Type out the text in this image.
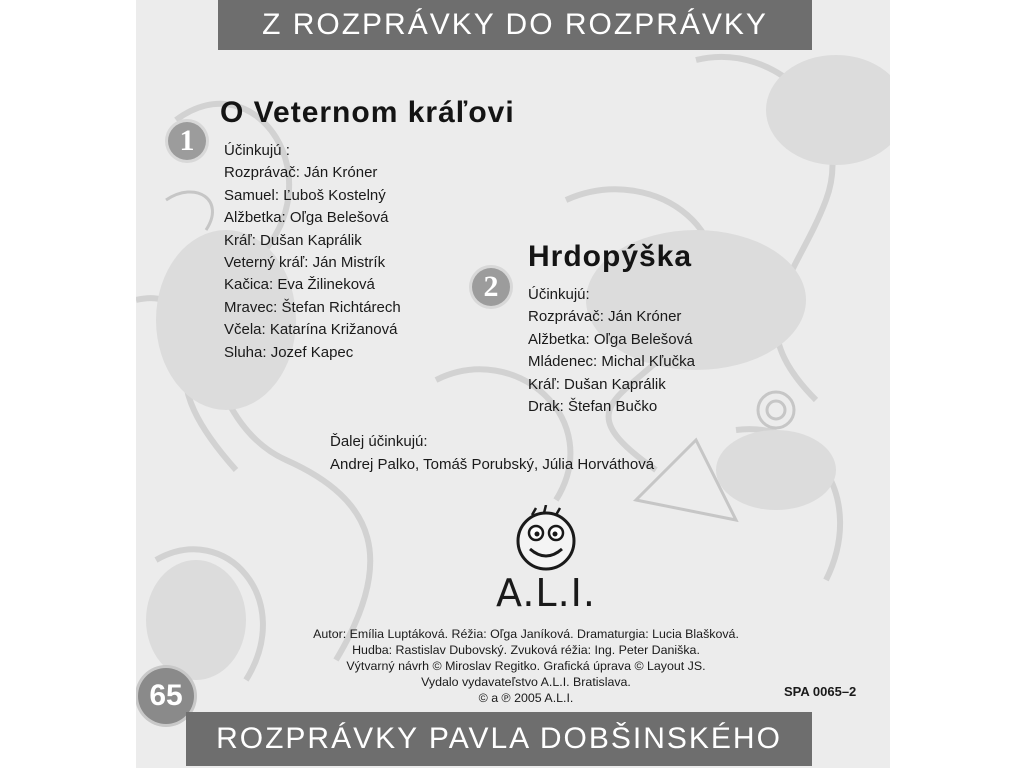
Z ROZPRÁVKY DO ROZPRÁVKY
1
O Veternom kráľovi
Účinkujú :
Rozprávač: Ján Króner
Samuel: Ľuboš Kostelný
Alžbetka: Oľga Belešová
Kráľ: Dušan Kaprálik
Veterný kráľ: Ján Mistrík
Kačica: Eva Žilineková
Mravec: Štefan Richtárech
Včela: Katarína Križanová
Sluha: Jozef Kapec
2
Hrdopýška
Účinkujú:
Rozprávač: Ján Króner
Alžbetka: Oľga Belešová
Mládenec: Michal Kľučka
Kráľ: Dušan Kaprálik
Drak: Štefan Bučko
Ďalej účinkujú:
Andrej Palko, Tomáš Porubský, Júlia Horváthová
A.L.I.
Autor: Emília Luptáková. Réžia: Oľga Janíková. Dramaturgia: Lucia Blašková.
Hudba: Rastislav Dubovský. Zvuková réžia: Ing. Peter Daniška.
Výtvarný návrh © Miroslav Regitko. Grafická úprava © Layout JS.
Vydalo vydavateľstvo A.L.I. Bratislava.
© a ℗ 2005 A.L.I.	SPA 0065–2
65
ROZPRÁVKY PAVLA DOBŠINSKÉHO
